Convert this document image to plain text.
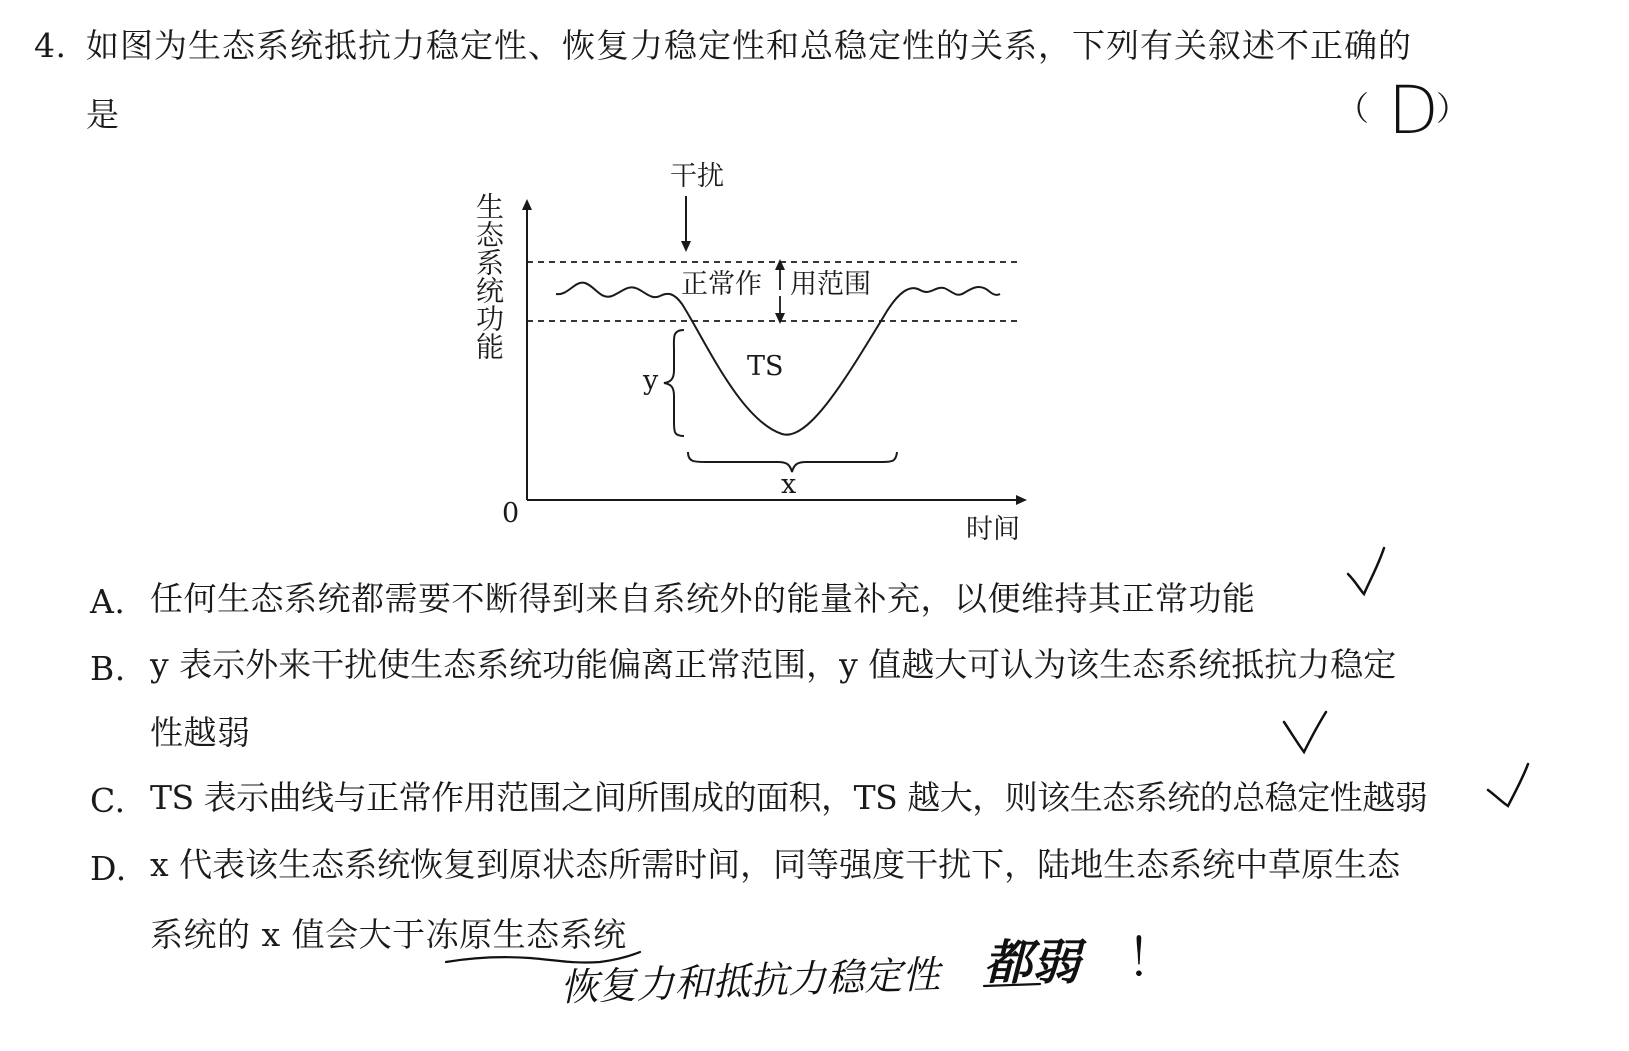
4. 如图为生态系统抵抗力稳定性、恢复力稳定性和总稳定性的关系，下列有关叙述不正确的
是	（ D
）
干扰
正常作 用范围
TS
y
x
0
时间
生态系统功能
A. 任何生态系统都需要不断得到来自系统外的能量补充，以便维持其正常功能
B. y 表示外来干扰使生态系统功能偏离正常范围，y 值越大可认为该生态系统抵抗力稳定
性越弱
C. TS 表示曲线与正常作用范围之间所围成的面积，TS 越大，则该生态系统的总稳定性越弱
D. x 代表该生态系统恢复到原状态所需时间，同等强度干扰下，陆地生态系统中草原生态
系统的 x 值会大于冻原生态系统
恢复力和抵抗力稳定性 都弱 ！
